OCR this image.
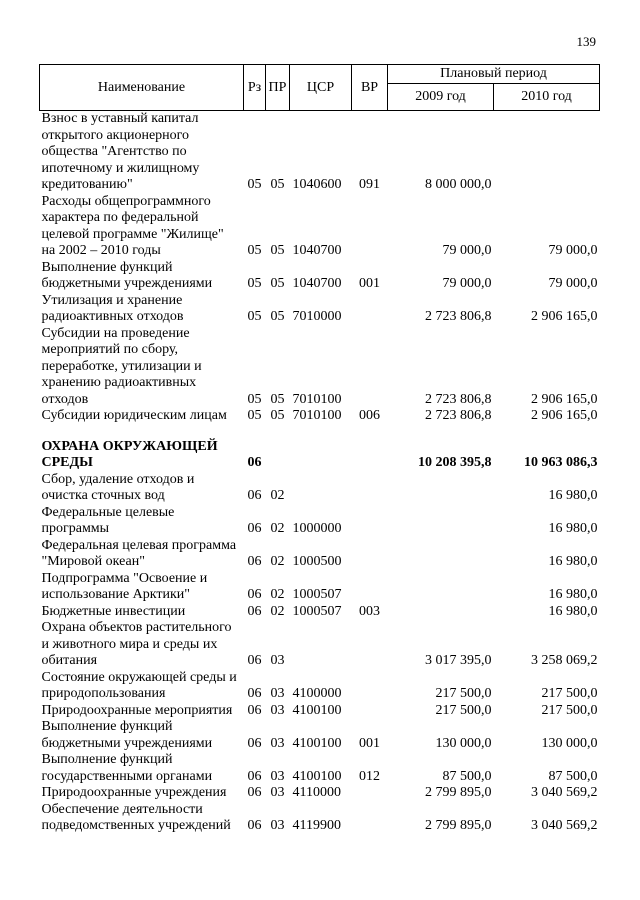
139
Наименование	Рз	ПР	ЦСР	ВР	Плановый период	
					2009 год	2010 год
Взнос в уставный капитал открытого акционерного общества "Агентство по ипотечному и жилищному кредитованию"	05	05	1040600	091	8 000 000,0	
Расходы общепрограммного характера по федеральной целевой программе "Жилище" на 2002 – 2010 годы	05	05	1040700		79 000,0	79 000,0
Выполнение функций бюджетными учреждениями	05	05	1040700	001	79 000,0	79 000,0
Утилизация и хранение радиоактивных отходов	05	05	7010000		2 723 806,8	2 906 165,0
Субсидии на проведение мероприятий по сбору, переработке, утилизации и хранению радиоактивных отходов	05	05	7010100		2 723 806,8	2 906 165,0
Субсидии юридическим лицам	05	05	7010100	006	2 723 806,8	2 906 165,0
ОХРАНА ОКРУЖАЮЩЕЙ СРЕДЫ	06				10 208 395,8	10 963 086,3
Сбор, удаление отходов и очистка сточных вод	06	02				16 980,0
Федеральные целевые программы	06	02	1000000			16 980,0
Федеральная целевая программа "Мировой океан"	06	02	1000500			16 980,0
Подпрограмма "Освоение и использование Арктики"	06	02	1000507			16 980,0
Бюджетные инвестиции	06	02	1000507	003		16 980,0
Охрана объектов растительного и животного мира и среды их обитания	06	03			3 017 395,0	3 258 069,2
Состояние окружающей среды и природопользования	06	03	4100000		217 500,0	217 500,0
Природоохранные мероприятия	06	03	4100100		217 500,0	217 500,0
Выполнение функций бюджетными учреждениями	06	03	4100100	001	130 000,0	130 000,0
Выполнение функций государственными органами	06	03	4100100	012	87 500,0	87 500,0
Природоохранные учреждения	06	03	4110000		2 799 895,0	3 040 569,2
Обеспечение деятельности подведомственных учреждений	06	03	4119900		2 799 895,0	3 040 569,2
